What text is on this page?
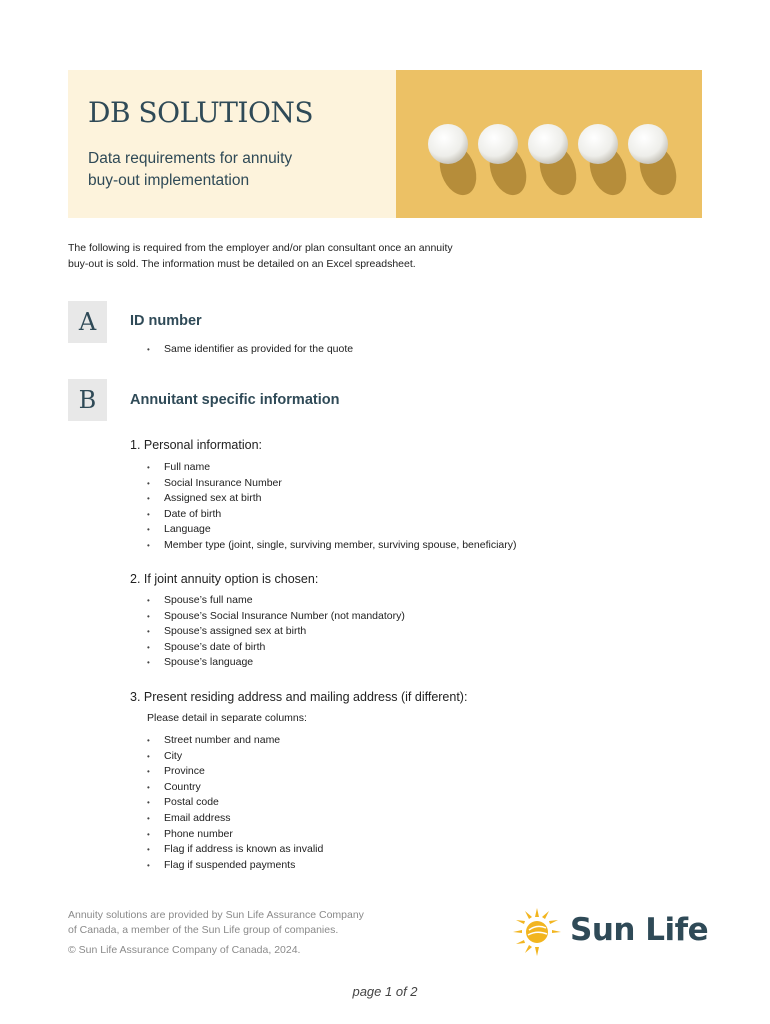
DB SOLUTIONS
Data requirements for annuity
buy-out implementation
The following is required from the employer and/or plan consultant once an annuity
buy-out is sold. The information must be detailed on an Excel spreadsheet.
A	ID number
• Same identifier as provided for the quote
B	Annuitant specific information
1. Personal information:
• Full name
• Social Insurance Number
• Assigned sex at birth
• Date of birth
• Language
• Member type (joint, single, surviving member, surviving spouse, beneficiary)
2. If joint annuity option is chosen:
• Spouse’s full name
• Spouse’s Social Insurance Number (not mandatory)
• Spouse’s assigned sex at birth
• Spouse’s date of birth
• Spouse’s language
3. Present residing address and mailing address (if different):
Please detail in separate columns:
• Street number and name
• City
• Province
• Country
• Postal code
• Email address
• Phone number
• Flag if address is known as invalid
• Flag if suspended payments
Annuity solutions are provided by Sun Life Assurance Company
of Canada, a member of the Sun Life group of companies.
© Sun Life Assurance Company of Canada, 2024.
Sun Life
page 1 of 2
